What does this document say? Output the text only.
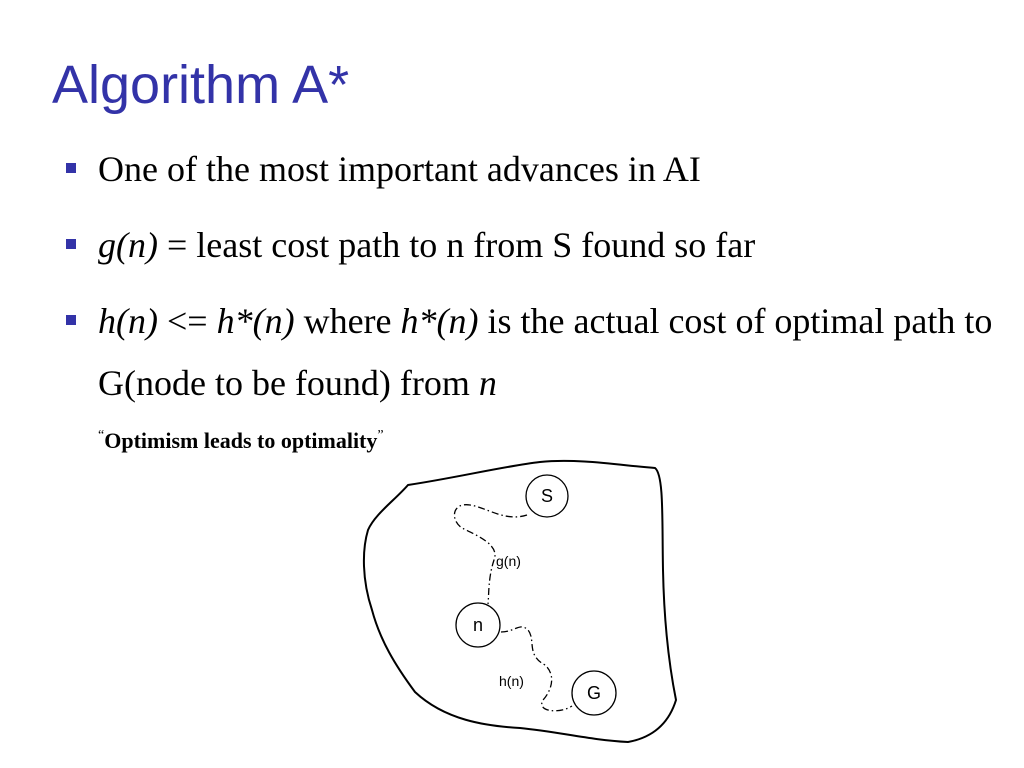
Algorithm A*

One of the most important advances in AI

g(n) = least cost path to n from S found so far

h(n) <= h*(n) where h*(n) is the actual cost of optimal path to G(node to be found) from n

“Optimism leads to optimality”
S
n
G
g(n)
h(n)
